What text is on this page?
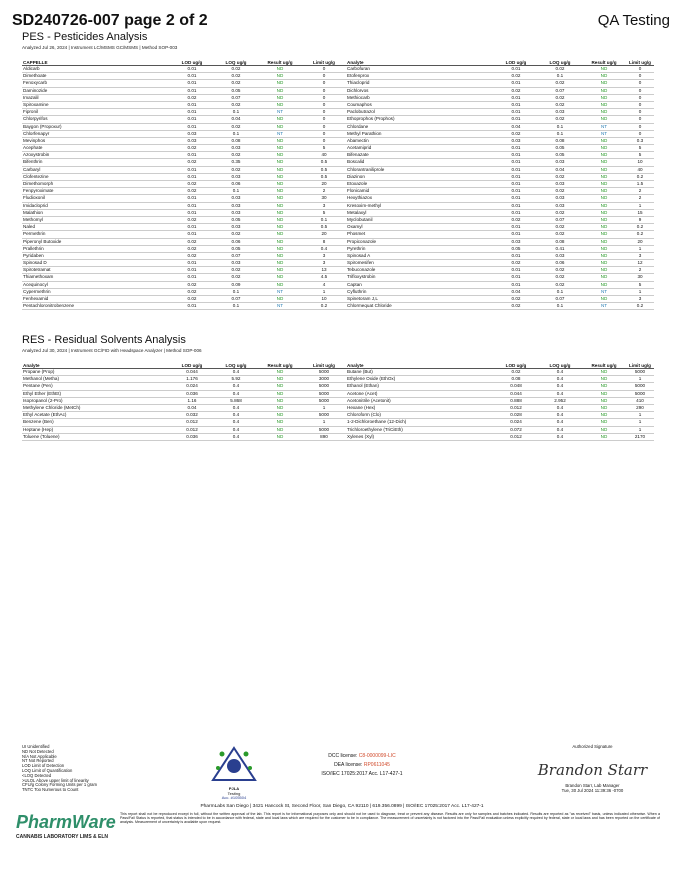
SD240726-007 page 2 of 2	QA Testing
PES - Pesticides Analysis
Analyzed Jul 26, 2024 | Instrument LC/MSMS GC/MSMS | Method SOP-003
CAPPELLE	LOD ug/g	LOQ ug/g	Result ug/g	Limit ug/g	Analyte	LOD ug/g	LOQ ug/g	Result ug/g	Limit ug/g
Aldicarb	0.01	0.02	ND	0	Carbofuran	0.01	0.02	ND	0
Dimethoate	0.01	0.02	ND	0	Etofenprox	0.02	0.1	ND	0
Fenoxycarb	0.01	0.02	ND	0	Thiacloprid	0.01	0.02	ND	0
Daminozide	0.01	0.05	ND	0	Dichlorvos	0.02	0.07	ND	0
Imazalil	0.02	0.07	ND	0	Methiocarb	0.01	0.02	ND	0
Spiroxamine	0.01	0.02	ND	0	Coumaphos	0.01	0.02	ND	0
Fipronil	0.01	0.1	NT	0	Paclobutrazol	0.01	0.03	ND	0
Chlorpyrifos	0.01	0.04	ND	0	Ethoprophos (Prophos)	0.01	0.02	ND	0
Baygon (Propoxur)	0.01	0.02	ND	0	Chlordane	0.04	0.1	NT	0
Chlorfenapyr	0.03	0.1	NT	0	Methyl Parathion	0.02	0.1	NT	0
Mevinphos	0.03	0.08	ND	0	Abamectin	0.03	0.08	ND	0.3
Acephate	0.02	0.03	ND	5	Acetamiprid	0.01	0.05	ND	5
Azoxystrobin	0.01	0.02	ND	40	Bifenazate	0.01	0.05	ND	5
Bifenthrin	0.02	0.35	ND	0.5	Boscalid	0.01	0.03	ND	10
Carbaryl	0.01	0.02	ND	0.5	Chlorantraniliprole	0.01	0.04	ND	40
Clofentezine	0.01	0.03	ND	0.5	Diazinon	0.01	0.02	ND	0.2
Dimethomorph	0.02	0.06	ND	20	Etoxazole	0.01	0.03	ND	1.5
Fenpyroximate	0.02	0.1	ND	2	Flonicamid	0.01	0.02	ND	2
Fludioxonil	0.01	0.03	ND	30	Hexythiazox	0.01	0.03	ND	2
Imidacloprid	0.01	0.03	ND	3	Kresoxim-methyl	0.01	0.03	ND	1
Malathion	0.01	0.03	ND	5	Metalaxyl	0.01	0.02	ND	15
Methomyl	0.02	0.05	ND	0.1	Myclobutanil	0.02	0.07	ND	9
Naled	0.01	0.03	ND	0.5	Oxamyl	0.01	0.02	ND	0.2
Permethrin	0.01	0.02	ND	20	Phosmet	0.01	0.02	ND	0.2
Piperonyl Butoxide	0.02	0.06	ND	8	Propiconazole	0.03	0.08	ND	20
Prallethrin	0.02	0.05	ND	0.4	Pyrethrin	0.05	0.41	ND	1
Pyridaben	0.02	0.07	ND	3	Spinosad A	0.01	0.03	ND	3
Spinosad D	0.01	0.03	ND	3	Spiromesifen	0.02	0.06	ND	12
Spirotetramat	0.01	0.02	ND	13	Tebuconazole	0.01	0.02	ND	2
Thiamethoxam	0.01	0.02	ND	4.5	Trifloxystrobin	0.01	0.02	ND	30
Acequinocyl	0.02	0.09	ND	4	Captan	0.01	0.02	ND	5
Cypermethrin	0.02	0.1	NT	1	Cyfluthrin	0.04	0.1	NT	1
Fenhexamid	0.02	0.07	ND	10	Spinetoram J,L	0.02	0.07	ND	3
Pentachloronitrobenzene	0.01	0.1	NT	0.2	Chlormequat Chloride	0.02	0.1	NT	0.2
RES - Residual Solvents Analysis
Analyzed Jul 30, 2024 | Instrument GC/FID with Headspace Analyzer | Method SOP-006
Analyte	LOD ug/g	LOQ ug/g	Result ug/g	Limit ug/g	Analyte	LOD ug/g	LOQ ug/g	Result ug/g	Limit ug/g
Propane (Prop)	0.044	0.4	ND	5000	Butane (But)	0.02	0.4	ND	5000
Methanol (Metha)	1.176	5.92	ND	3000	Ethylene Oxide (EthOx)	0.08	0.4	ND	1
Pentane (Pen)	0.024	0.4	ND	5000	Ethanol (Ethan)	0.048	0.4	ND	5000
Ethyl Ether (EthEt)	0.036	0.4	ND	5000	Acetone (Acet)	0.044	0.4	ND	5000
Isopropanol (2-Pro)	1.16	5.868	ND	5000	Acetonitrile (Acetonit)	0.888	2.952	ND	410
Methylene Chloride (MetCh)	0.04	0.4	ND	1	Hexane (Hex)	0.012	0.4	ND	290
Ethyl Acetate (EthAc)	0.032	0.4	ND	5000	Chloroform (Clo)	0.028	0.4	ND	1
Benzene (Ben)	0.012	0.4	ND	1	1-2-Dichloroethane (12-Dich)	0.024	0.4	ND	1
Heptane (Hep)	0.012	0.4	ND	5000	Trichloroethylene (TriCiEth)	0.072	0.4	ND	1
Toluene (Toluene)	0.036	0.4	ND	890	Xylenes (Xyl)	0.012	0.4	ND	2170
UI Unidentified
ND Not Detected
N/A Not Applicable
NT Not Reported
LOD Limit of Detection
LOQ Limit of Quantification
<LOQ Detected
>ULOL Above upper limit of linearity
CFU/g Colony Forming Units per 1 gram
TNTC Too Numerous to Count
PharmWare
CANNABIS LABORATORY LIMS & ELN
PJLA
Testing
Acc. #105504
DCC license: C8-0000099-LIC
DEA license: RP0611045
ISO/IEC 17025:2017 Acc. L17-427-1
Authorized Signature
Brandon Starr
Brandon Starr, Lab Manager
Tue, 30 Jul 2024 11:39:36 -0700
PharmLabs San Diego | 3421 Hancock St, Second Floor, San Diego, CA 92110 | 619.356.0899 | ISO/IEC 17025:2017 Acc. L17-427-1
This report shall not be reproduced except in full, without the written approval of the lab. This report is for informational purposes only and should not be used to diagnose, treat or prevent any disease. Results are only for samples and batches indicated. Results are reported as "as received" basis, unless indicated otherwise. When a Pass/Fail Status is reported, that status is intended to be in accordance with federal, state and local laws which are required for the customer to be in compliance. The measurement of uncertainty is not factored into the Pass/Fail evaluation unless explicitly required by federal, state or local laws and has been reported on the certificate of analysis. Measurement of uncertainty is available upon request.
